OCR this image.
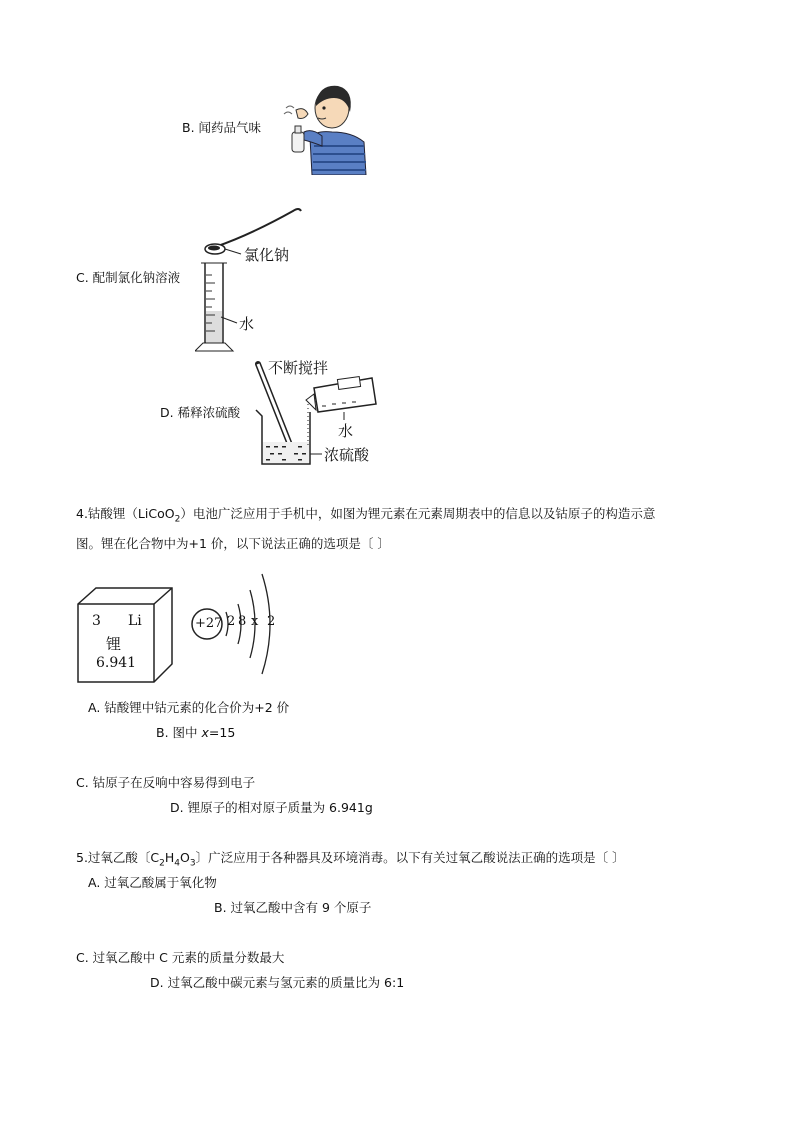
B. 闻药品气味
C. 配制氯化钠溶液
氯化钠
水
D. 稀释浓硫酸
不断搅拌
水
浓硫酸
4.钴酸锂（LiCoO$_2$）电池广泛应用于手机中，如图为锂元素在元素周期表中的信息以及钴原子的构造示意
图。锂在化合物中为+1 价，以下说法正确的选项是〔 〕
3 Li
锂
6.941
+27 2 8 x 2
A. 钴酸锂中钴元素的化合价为+2 价
B. 图中 x=15
C. 钴原子在反响中容易得到电子
D. 锂原子的相对原子质量为 6.941g
5.过氧乙酸〔$C_2H_4O_3$〕广泛应用于各种器具及环境消毒。以下有关过氧乙酸说法正确的选项是〔 〕
A. 过氧乙酸属于氧化物
B. 过氧乙酸中含有 9 个原子
C. 过氧乙酸中 C 元素的质量分数最大
D. 过氧乙酸中碳元素与氢元素的质量比为 6:1
